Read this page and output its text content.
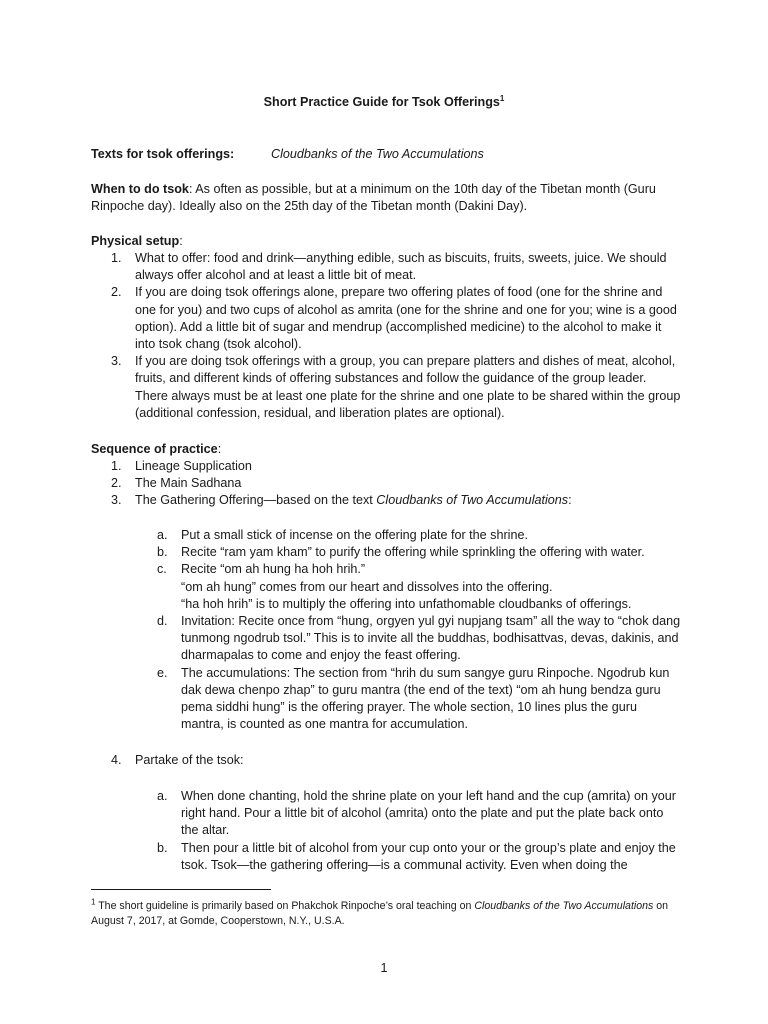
Short Practice Guide for Tsok Offerings$^1$
Texts for tsok offerings:	Cloudbanks of the Two Accumulations
When to do tsok: As often as possible, but at a minimum on the 10th day of the Tibetan month (Guru Rinpoche day). Ideally also on the 25th day of the Tibetan month (Dakini Day).
Physical setup:
1. What to offer: food and drink—anything edible, such as biscuits, fruits, sweets, juice. We should always offer alcohol and at least a little bit of meat.
2. If you are doing tsok offerings alone, prepare two offering plates of food (one for the shrine and one for you) and two cups of alcohol as amrita (one for the shrine and one for you; wine is a good option). Add a little bit of sugar and mendrup (accomplished medicine) to the alcohol to make it into tsok chang (tsok alcohol).
3. If you are doing tsok offerings with a group, you can prepare platters and dishes of meat, alcohol, fruits, and different kinds of offering substances and follow the guidance of the group leader. There always must be at least one plate for the shrine and one plate to be shared within the group (additional confession, residual, and liberation plates are optional).
Sequence of practice:
1. Lineage Supplication
2. The Main Sadhana
3. The Gathering Offering—based on the text Cloudbanks of Two Accumulations:
a. Put a small stick of incense on the offering plate for the shrine.
b. Recite “ram yam kham” to purify the offering while sprinkling the offering with water.
c. Recite “om ah hung ha hoh hrih.”
“om ah hung” comes from our heart and dissolves into the offering.
“ha hoh hrih” is to multiply the offering into unfathomable cloudbanks of offerings.
d. Invitation: Recite once from “hung, orgyen yul gyi nupjang tsam” all the way to “chok dang tunmong ngodrub tsol.” This is to invite all the buddhas, bodhisattvas, devas, dakinis, and dharmapalas to come and enjoy the feast offering.
e. The accumulations: The section from “hrih du sum sangye guru Rinpoche. Ngodrub kun dak dewa chenpo zhap” to guru mantra (the end of the text) “om ah hung bendza guru pema siddhi hung” is the offering prayer. The whole section, 10 lines plus the guru mantra, is counted as one mantra for accumulation.
4. Partake of the tsok:
a. When done chanting, hold the shrine plate on your left hand and the cup (amrita) on your right hand. Pour a little bit of alcohol (amrita) onto the plate and put the plate back onto the altar.
b. Then pour a little bit of alcohol from your cup onto your or the group’s plate and enjoy the tsok. Tsok—the gathering offering—is a communal activity. Even when doing the
$^1$ The short guideline is primarily based on Phakchok Rinpoche’s oral teaching on Cloudbanks of the Two Accumulations on August 7, 2017, at Gomde, Cooperstown, N.Y., U.S.A.
1
